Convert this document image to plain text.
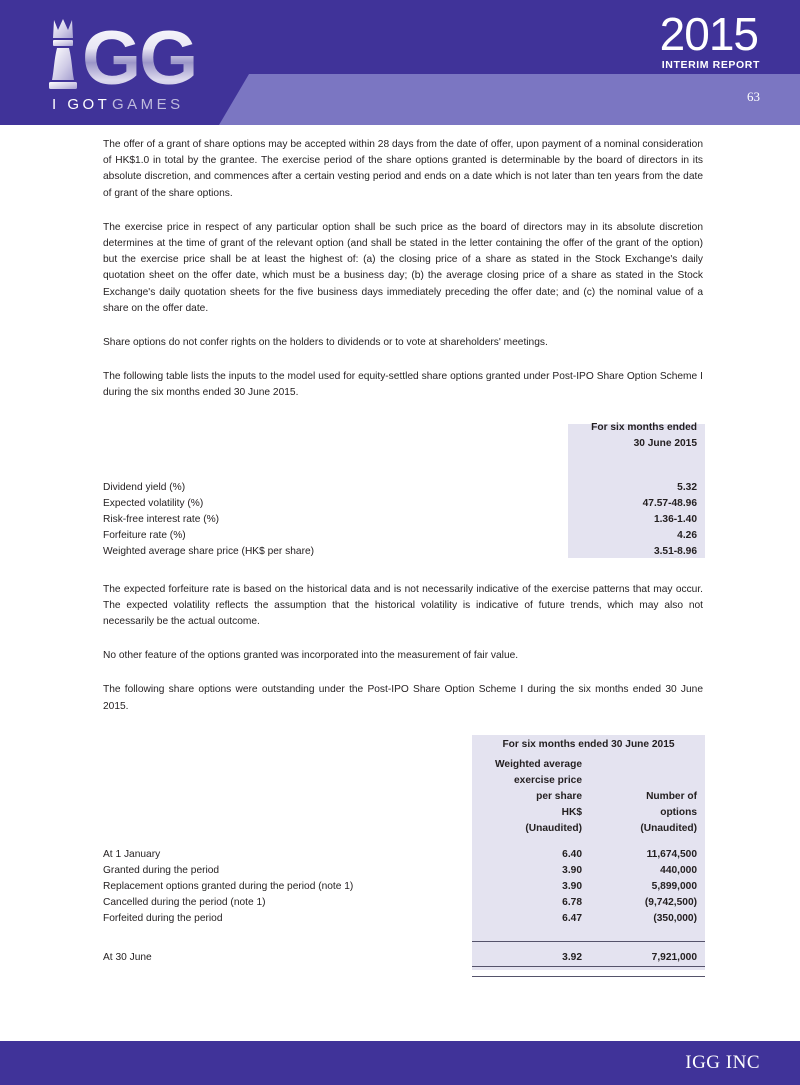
GG
I GOT GAMES
2015
INTERIM REPORT
63

The offer of a grant of share options may be accepted within 28 days from the date of offer, upon payment of a nominal consideration of HK$1.0 in total by the grantee. The exercise period of the share options granted is determinable by the board of directors in its absolute discretion, and commences after a certain vesting period and ends on a date which is not later than ten years from the date of grant of the share options.

The exercise price in respect of any particular option shall be such price as the board of directors may in its absolute discretion determines at the time of grant of the relevant option (and shall be stated in the letter containing the offer of the grant of the option) but the exercise price shall be at least the highest of: (a) the closing price of a share as stated in the Stock Exchange's daily quotation sheet on the offer date, which must be a business day; (b) the average closing price of a share as stated in the Stock Exchange's daily quotation sheets for the five business days immediately preceding the offer date; and (c) the nominal value of a share on the offer date.

Share options do not confer rights on the holders to dividends or to vote at shareholders' meetings.

The following table lists the inputs to the model used for equity-settled share options granted under Post-IPO Share Option Scheme I during the six months ended 30 June 2015.

	For six months ended
	30 June 2015

Dividend yield (%)	5.32
Expected volatility (%)	47.57-48.96
Risk-free interest rate (%)	1.36-1.40
Forfeiture rate (%)	4.26
Weighted average share price (HK$ per share)	3.51-8.96

The expected forfeiture rate is based on the historical data and is not necessarily indicative of the exercise patterns that may occur. The expected volatility reflects the assumption that the historical volatility is indicative of future trends, which may also not necessarily be the actual outcome.

No other feature of the options granted was incorporated into the measurement of fair value.

The following share options were outstanding under the Post-IPO Share Option Scheme I during the six months ended 30 June 2015.

	For six months ended 30 June 2015	
	Weighted average	
	exercise price	
	per share	Number of
	HK$	options
	(Unaudited)	(Unaudited)

At 1 January	6.40	11,674,500
Granted during the period	3.90	440,000
Replacement options granted during the period (note 1)	3.90	5,899,000
Cancelled during the period (note 1)	6.78	(9,742,500)
Forfeited during the period	6.47	(350,000)

At 30 June	3.92	7,921,000

IGG INC
